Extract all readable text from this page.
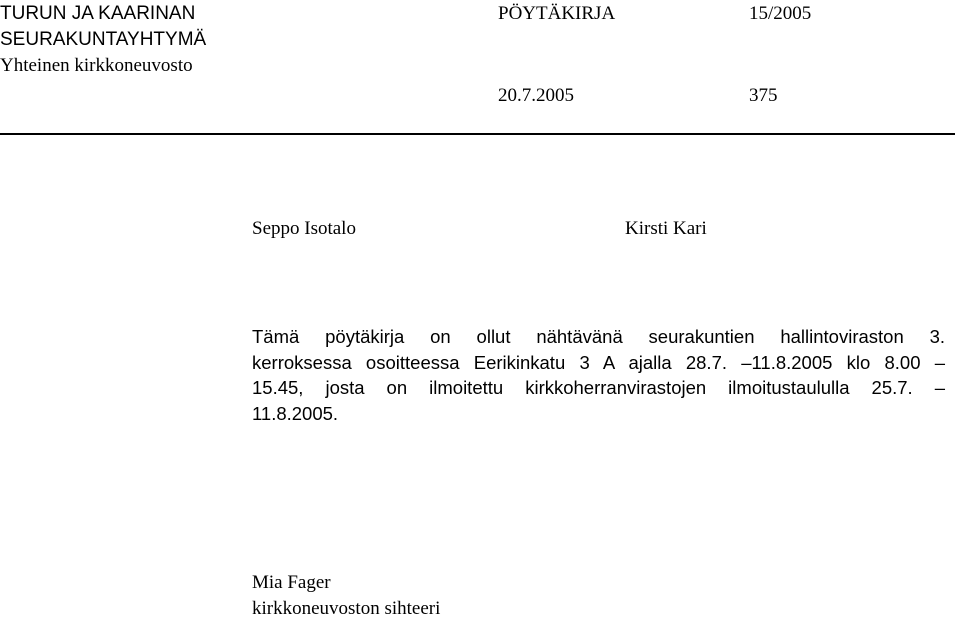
TURUN JA KAARINAN
SEURAKUNTAYHTYMÄ
Yhteinen kirkkoneuvosto
PÖYTÄKIRJA	15/2005
20.7.2005	375
Seppo Isotalo	Kirsti Kari
Tämä pöytäkirja on ollut nähtävänä seurakuntien hallintoviraston 3.
kerroksessa osoitteessa Eerikinkatu 3 A ajalla 28.7. –11.8.2005 klo 8.00 –
15.45, josta on ilmoitettu kirkkoherranvirastojen ilmoitustaululla 25.7. –
11.8.2005.
Mia Fager
kirkkoneuvoston sihteeri
